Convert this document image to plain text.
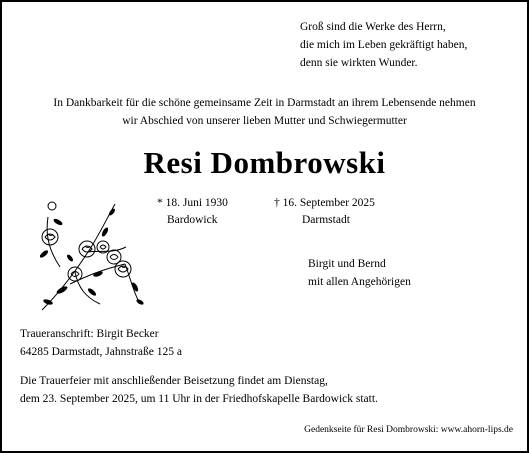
Groß sind die Werke des Herrn,
die mich im Leben gekräftigt haben,
denn sie wirkten Wunder.
In Dankbarkeit für die schöne gemeinsame Zeit in Darmstadt an ihrem Lebensende nehmen
wir Abschied von unserer lieben Mutter und Schwiegermutter
Resi Dombrowski
* 18. Juni 1930
Bardowick
† 16. September 2025
Darmstadt
Birgit und Bernd
mit allen Angehörigen
Traueranschrift: Birgit Becker
64285 Darmstadt, Jahnstraße 125 a
Die Trauerfeier mit anschließender Beisetzung findet am Dienstag,
dem 23. September 2025, um 11 Uhr in der Friedhofskapelle Bardowick statt.
Gedenkseite für Resi Dombrowski: www.ahorn-lips.de
